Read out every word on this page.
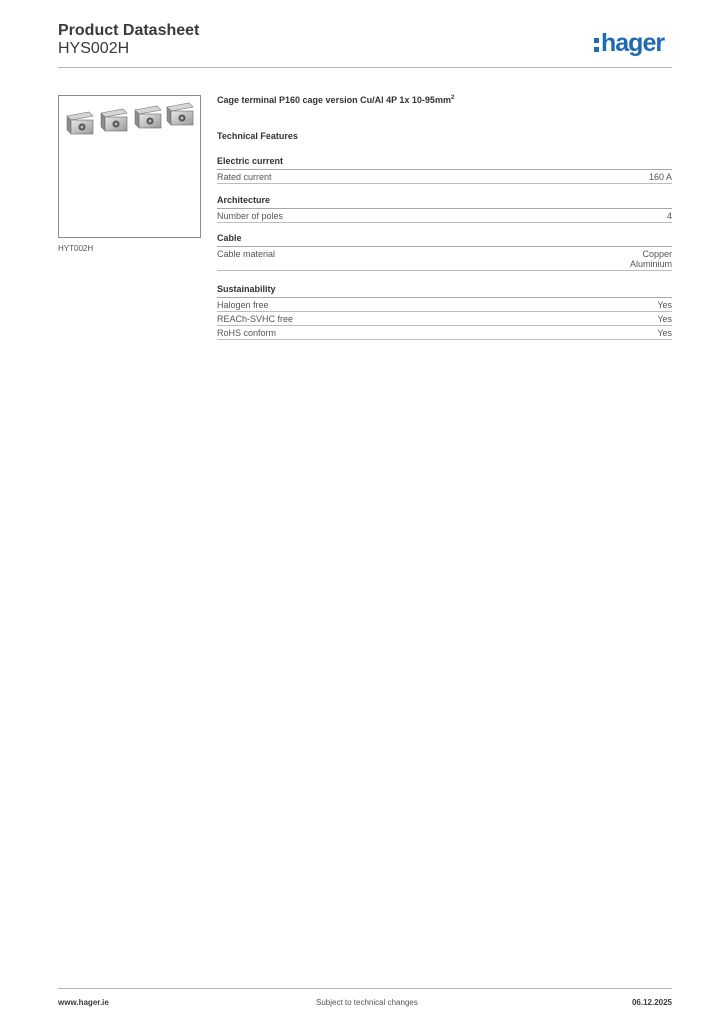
Product Datasheet
HYS002H	hager
HYT002H
Cage terminal P160 cage version Cu/Al 4P 1x $10-95mm^2$
Technical Features
Electric current
Rated current	160 A
Architecture
Number of poles	4
Cable
Cable material	Copper
Aluminium
Sustainability
Halogen free	Yes
REACh-SVHC free	Yes
RoHS conform	Yes
www.hager.ie	Subject to technical changes	06.12.2025
